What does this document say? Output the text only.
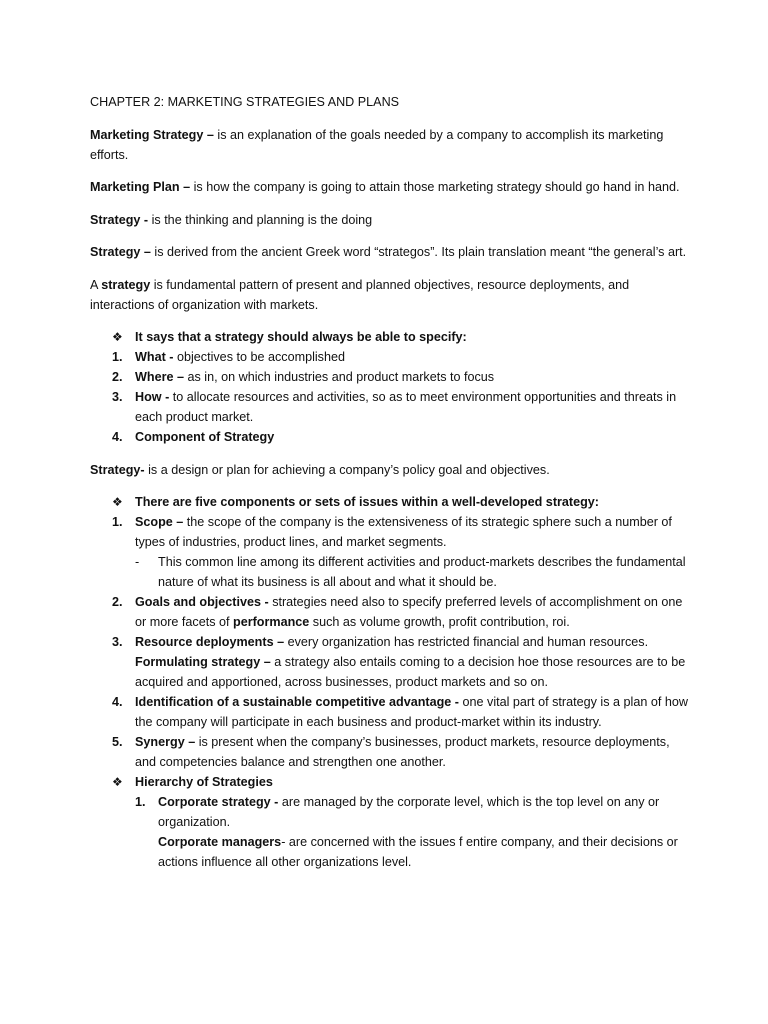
CHAPTER 2: MARKETING STRATEGIES AND PLANS

Marketing Strategy – is an explanation of the goals needed by a company to accomplish its marketing efforts.

Marketing Plan – is how the company is going to attain those marketing strategy should go hand in hand.

Strategy - is the thinking and planning is the doing

Strategy – is derived from the ancient Greek word “strategos”. Its plain translation meant “the general’s art.

A strategy is fundamental pattern of present and planned objectives, resource deployments, and interactions of organization with markets.

❖ It says that a strategy should always be able to specify:
1. What - objectives to be accomplished
2. Where – as in, on which industries and product markets to focus
3. How - to allocate resources and activities, so as to meet environment opportunities and threats in each product market.
4. Component of Strategy

Strategy- is a design or plan for achieving a company’s policy goal and objectives.

❖ There are five components or sets of issues within a well-developed strategy:
1. Scope – the scope of the company is the extensiveness of its strategic sphere such a number of types of industries, product lines, and market segments.
- This common line among its different activities and product-markets describes the fundamental nature of what its business is all about and what it should be.
2. Goals and objectives - strategies need also to specify preferred levels of accomplishment on one or more facets of performance such as volume growth, profit contribution, roi.
3. Resource deployments – every organization has restricted financial and human resources.
Formulating strategy – a strategy also entails coming to a decision hoe those resources are to be acquired and apportioned, across businesses, product markets and so on.
4. Identification of a sustainable competitive advantage - one vital part of strategy is a plan of how the company will participate in each business and product-market within its industry.
5. Synergy – is present when the company’s businesses, product markets, resource deployments, and competencies balance and strengthen one another.
❖ Hierarchy of Strategies
1. Corporate strategy - are managed by the corporate level, which is the top level on any or organization.
Corporate managers- are concerned with the issues f entire company, and their decisions or actions influence all other organizations level.
